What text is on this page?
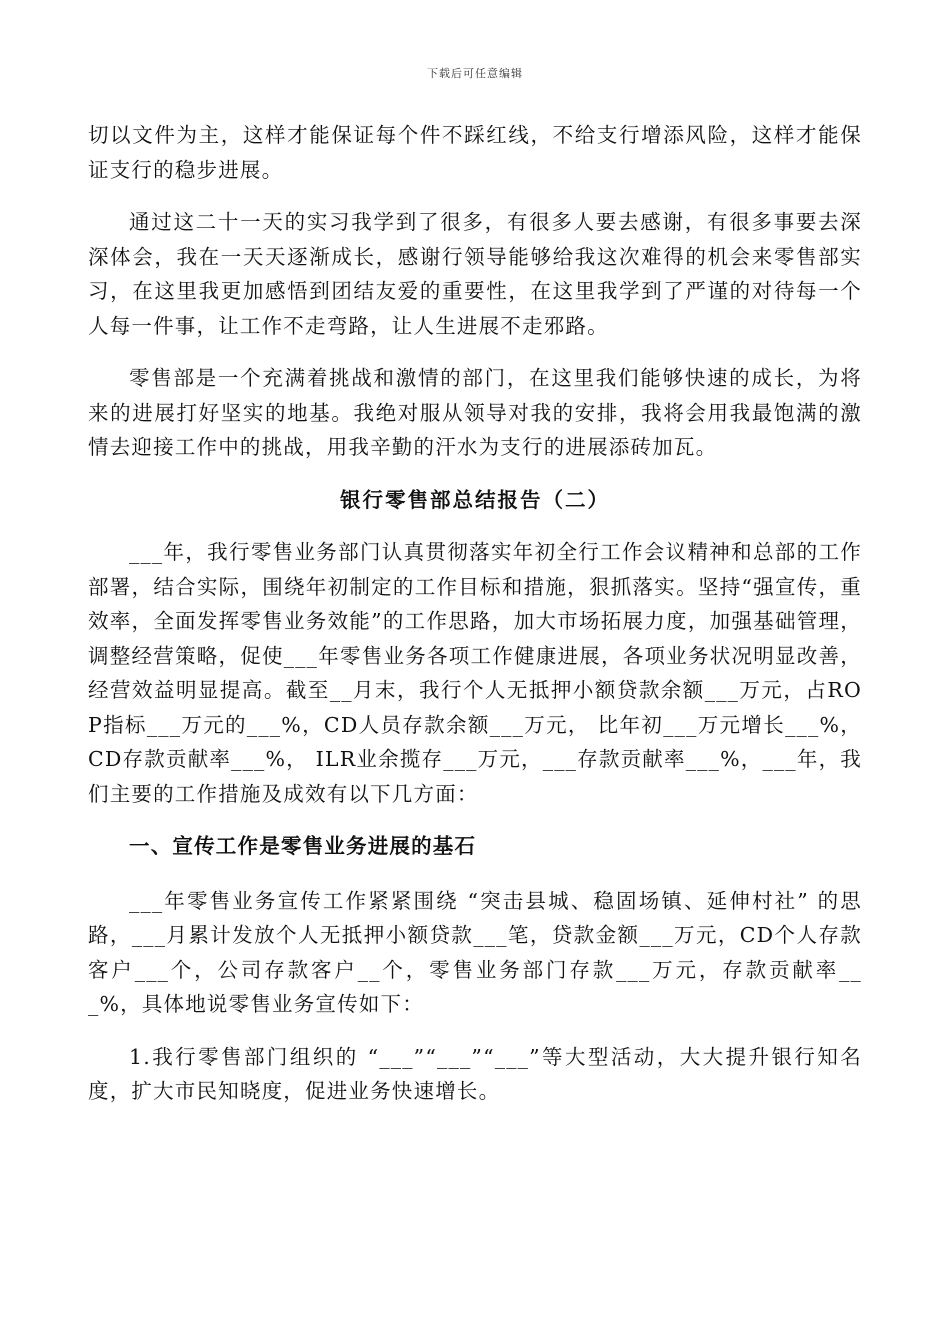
下载后可任意编辑

切以文件为主，这样才能保证每个件不踩红线，不给支行增添风险，这样才能保证支行的稳步进展。

通过这二十一天的实习我学到了很多，有很多人要去感谢，有很多事要去深深体会，我在一天天逐渐成长，感谢行领导能够给我这次难得的机会来零售部实习，在这里我更加感悟到团结友爱的重要性，在这里我学到了严谨的对待每一个人每一件事，让工作不走弯路，让人生进展不走邪路。

零售部是一个充满着挑战和激情的部门，在这里我们能够快速的成长，为将来的进展打好坚实的地基。我绝对服从领导对我的安排，我将会用我最饱满的激情去迎接工作中的挑战，用我辛勤的汗水为支行的进展添砖加瓦。

银行零售部总结报告（二）

___年，我行零售业务部门认真贯彻落实年初全行工作会议精神和总部的工作部署，结合实际，围绕年初制定的工作目标和措施，狠抓落实。坚持“强宣传，重效率，全面发挥零售业务效能”的工作思路，加大市场拓展力度，加强基础管理，调整经营策略，促使___年零售业务各项工作健康进展，各项业务状况明显改善，经营效益明显提高。截至__月末，我行个人无抵押小额贷款余额___万元，占ROP指标___万元的___%，CD人员存款余额___万元， 比年初___万元增长___%，CD存款贡献率___%， ILR业余揽存___万元，___存款贡献率___%，___年，我们主要的工作措施及成效有以下几方面：

一、宣传工作是零售业务进展的基石

___年零售业务宣传工作紧紧围绕 “突击县城、稳固场镇、延伸村社” 的思路，___月累计发放个人无抵押小额贷款___笔，贷款金额___万元，CD个人存款客户___个，公司存款客户__个，零售业务部门存款___万元，存款贡献率___%，具体地说零售业务宣传如下：

1.我行零售部门组织的 “___”“___”“___”等大型活动，大大提升银行知名度，扩大市民知晓度，促进业务快速增长。
